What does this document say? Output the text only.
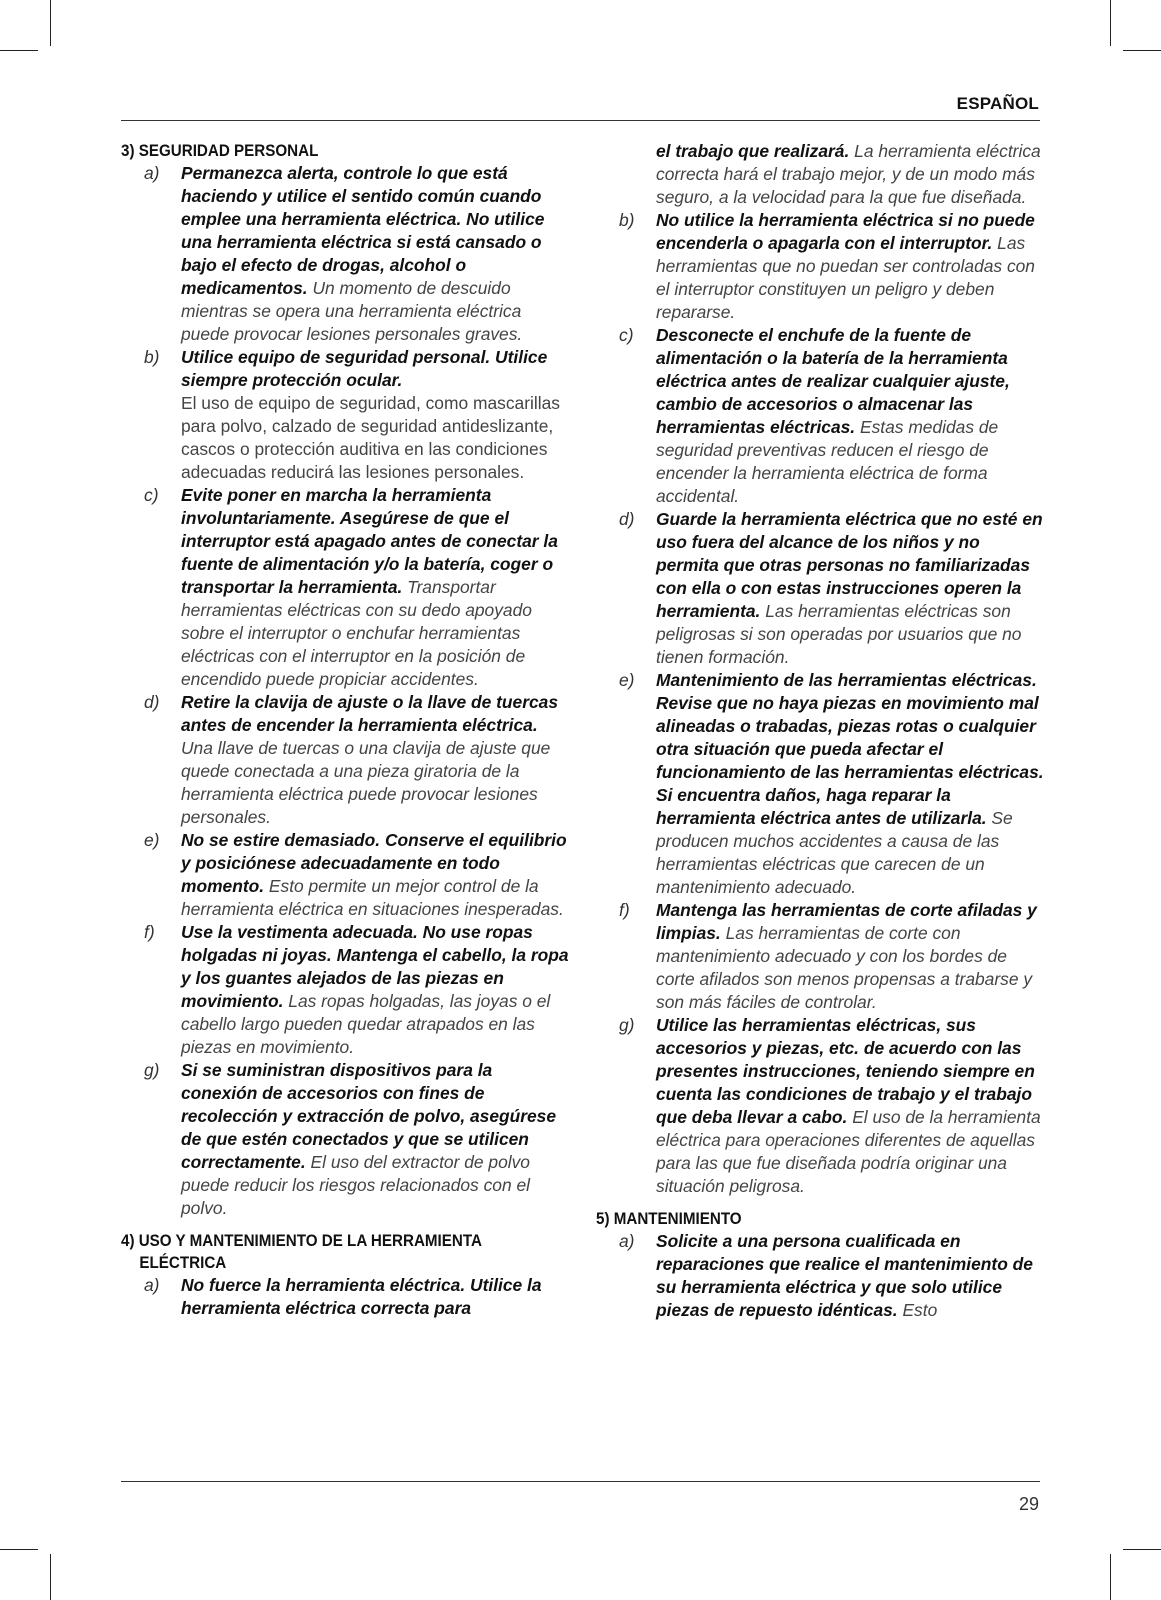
ESPAÑOL

3) SEGURIDAD PERSONAL

a)	Permanezca alerta, controle lo que está haciendo y utilice el sentido común cuando emplee una herramienta eléctrica. No utilice una herramienta eléctrica si está cansado o bajo el efecto de drogas, alcohol o medicamentos. Un momento de descuido mientras se opera una herramienta eléctrica puede provocar lesiones personales graves.
b)	Utilice equipo de seguridad personal. Utilice siempre protección ocular.
El uso de equipo de seguridad, como mascarillas para polvo, calzado de seguridad antideslizante, cascos o protección auditiva en las condiciones adecuadas reducirá las lesiones personales.
c)	Evite poner en marcha la herramienta involuntariamente. Asegúrese de que el interruptor está apagado antes de conectar la fuente de alimentación y/o la batería, coger o transportar la herramienta. Transportar herramientas eléctricas con su dedo apoyado sobre el interruptor o enchufar herramientas eléctricas con el interruptor en la posición de encendido puede propiciar accidentes.
d)	Retire la clavija de ajuste o la llave de tuercas antes de encender la herramienta eléctrica. Una llave de tuercas o una clavija de ajuste que quede conectada a una pieza giratoria de la herramienta eléctrica puede provocar lesiones personales.
e)	No se estire demasiado. Conserve el equilibrio y posiciónese adecuadamente en todo momento. Esto permite un mejor control de la herramienta eléctrica en situaciones inesperadas.
f)	Use la vestimenta adecuada. No use ropas holgadas ni joyas. Mantenga el cabello, la ropa y los guantes alejados de las piezas en movimiento. Las ropas holgadas, las joyas o el cabello largo pueden quedar atrapados en las piezas en movimiento.
g)	Si se suministran dispositivos para la conexión de accesorios con fines de recolección y extracción de polvo, asegúrese de que estén conectados y que se utilicen correctamente. El uso del extractor de polvo puede reducir los riesgos relacionados con el polvo.

4) USO Y MANTENIMIENTO DE LA HERRAMIENTA ELÉCTRICA

a)	No fuerce la herramienta eléctrica. Utilice la herramienta eléctrica correcta para
el trabajo que realizará. La herramienta eléctrica correcta hará el trabajo mejor, y de un modo más seguro, a la velocidad para la que fue diseñada.
b)	No utilice la herramienta eléctrica si no puede encenderla o apagarla con el interruptor. Las herramientas que no puedan ser controladas con el interruptor constituyen un peligro y deben repararse.
c)	Desconecte el enchufe de la fuente de alimentación o la batería de la herramienta eléctrica antes de realizar cualquier ajuste, cambio de accesorios o almacenar las herramientas eléctricas. Estas medidas de seguridad preventivas reducen el riesgo de encender la herramienta eléctrica de forma accidental.
d)	Guarde la herramienta eléctrica que no esté en uso fuera del alcance de los niños y no permita que otras personas no familiarizadas con ella o con estas instrucciones operen la herramienta. Las herramientas eléctricas son peligrosas si son operadas por usuarios que no tienen formación.
e)	Mantenimiento de las herramientas eléctricas. Revise que no haya piezas en movimiento mal alineadas o trabadas, piezas rotas o cualquier otra situación que pueda afectar el funcionamiento de las herramientas eléctricas. Si encuentra daños, haga reparar la herramienta eléctrica antes de utilizarla. Se producen muchos accidentes a causa de las herramientas eléctricas que carecen de un mantenimiento adecuado.
f)	Mantenga las herramientas de corte afiladas y limpias. Las herramientas de corte con mantenimiento adecuado y con los bordes de corte afilados son menos propensas a trabarse y son más fáciles de controlar.
g)	Utilice las herramientas eléctricas, sus accesorios y piezas, etc. de acuerdo con las presentes instrucciones, teniendo siempre en cuenta las condiciones de trabajo y el trabajo que deba llevar a cabo. El uso de la herramienta eléctrica para operaciones diferentes de aquellas para las que fue diseñada podría originar una situación peligrosa.

5) MANTENIMIENTO

a)	Solicite a una persona cualificada en reparaciones que realice el mantenimiento de su herramienta eléctrica y que solo utilice piezas de repuesto idénticas. Esto
29
